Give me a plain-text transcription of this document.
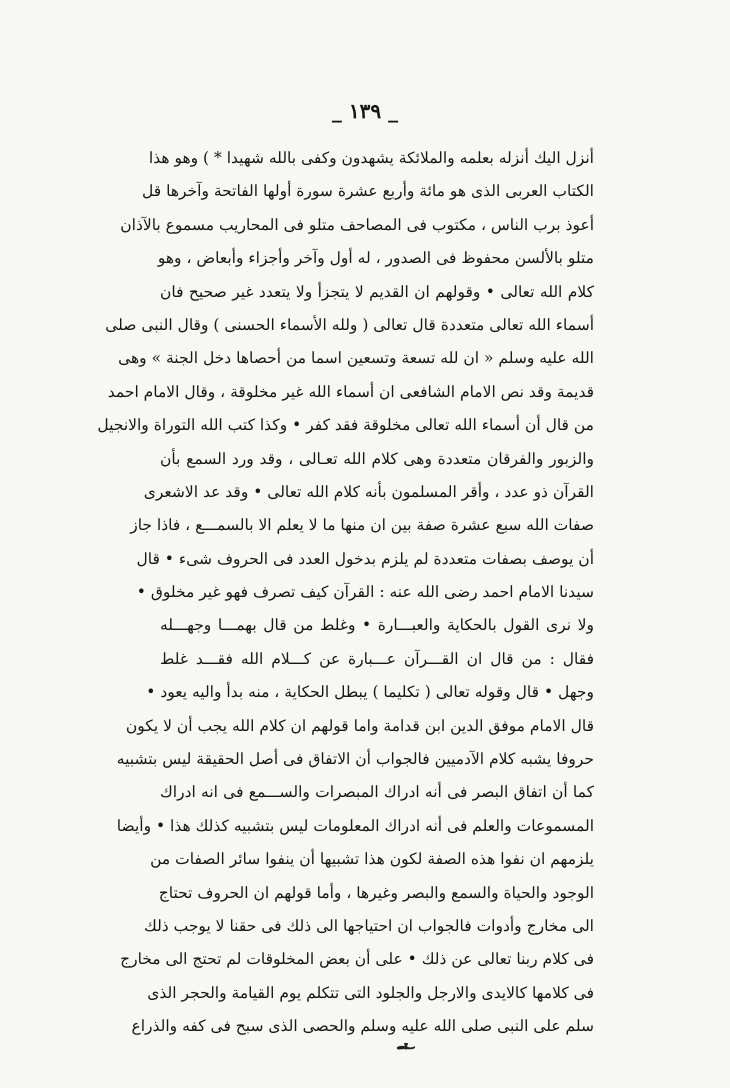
_ ١٣٩ _
أنزل اليك أنزله بعلمه والملائكة يشهدون وكفى بالله شهيدا * ) وهو هذا
الكتاب العربى الذى هو مائة وأربع عشرة سورة أولها الفاتحة وآخرها قل
أعوذ برب الناس ، مكتوب فى المصاحف متلو فى المحاريب مسموع بالآذان
متلو بالألسن محفوظ فى الصدور ، له أول وآخر وأجزاء وأبعاض ، وهو
كلام الله تعالى • وقولهم ان القديم لا يتجزأ ولا يتعدد غير صحيح فان
أسماء الله تعالى متعددة قال تعالى ( ولله الأسماء الحسنى ) وقال النبى صلى
الله عليه وسلم « ان لله تسعة وتسعين اسما من أحصاها دخل الجنة » وهى
قديمة وقد نص الامام الشافعى ان أسماء الله غير مخلوقة ، وقال الامام احمد
من قال أن أسماء الله تعالى مخلوقة فقد كفر • وكذا كتب الله التوراة والانجيل
والزبور والفرقان متعددة وهى كلام الله تعـالى ، وقد ورد السمع بأن
القرآن ذو عدد ، وأقر المسلمون بأنه كلام الله تعالى • وقد عد الاشعرى
صفات الله سبع عشرة صفة بين ان منها ما لا يعلم الا بالسمـــع ، فاذا جاز
أن يوصف بصفات متعددة لم يلزم بدخول العدد فى الحروف شىء • قال
سيدنا الامام احمد رضى الله عنه : القرآن كيف تصرف فهو غير مخلوق •
ولا نرى القول بالحكاية والعبـــارة • وغلط من قال بهمـــا وجهـــله
فقال : من قال ان القـــرآن عـــبارة عن كـــلام الله فقـــد غلط
وجهل • قال وقوله تعالى ( تكليما ) يبطل الحكاية ، منه بدأ واليه يعود •
قال الامام موفق الدين ابن قدامة واما قولهم ان كلام الله يجب أن لا يكون
حروفا يشبه كلام الآدميين فالجواب أن الاتفاق فى أصل الحقيقة ليس بتشبيه
كما أن اتفاق البصر فى أنه ادراك المبصرات والســـمع فى انه ادراك
المسموعات والعلم فى أنه ادراك المعلومات ليس بتشبيه كذلك هذا • وأيضا
يلزمهم ان نفوا هذه الصفة لكون هذا تشبيها أن ينفوا سائر الصفات من
الوجود والحياة والسمع والبصر وغيرها ، وأما قولهم ان الحروف تحتاج
الى مخارج وأدوات فالجواب ان احتياجها الى ذلك فى حقنا لا يوجب ذلك
فى كلام ربنا تعالى عن ذلك • على أن بعض المخلوقات لم تحتج الى مخارج
فى كلامها كالايدى والارجل والجلود التى تتكلم يوم القيامة والحجر الذى
سلم على النبى صلى الله عليه وسلم والحصى الذى سبح فى كفه والذراع
